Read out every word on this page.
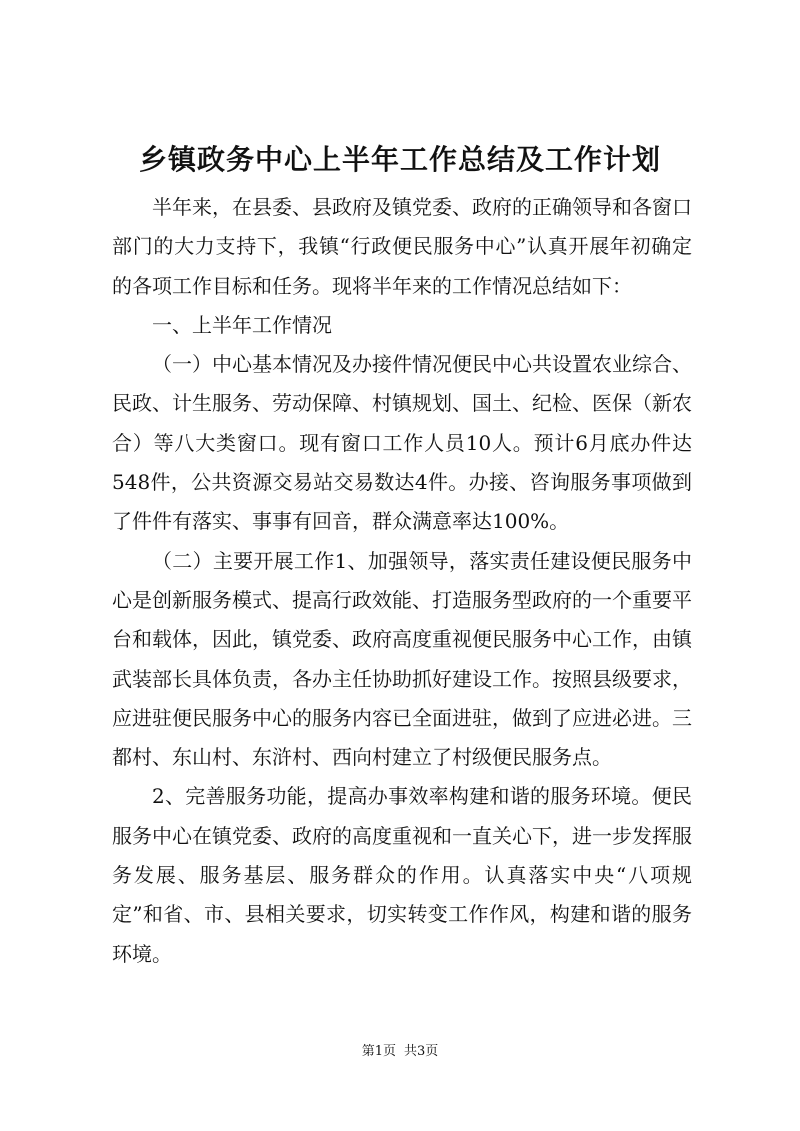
乡镇政务中心上半年工作总结及工作计划

半年来，在县委、县政府及镇党委、政府的正确领导和各窗口部门的大力支持下，我镇“行政便民服务中心”认真开展年初确定的各项工作目标和任务。现将半年来的工作情况总结如下：

一、上半年工作情况

（一）中心基本情况及办接件情况便民中心共设置农业综合、民政、计生服务、劳动保障、村镇规划、国土、纪检、医保（新农合）等八大类窗口。现有窗口工作人员10人。预计6月底办件达548件，公共资源交易站交易数达4件。办接、咨询服务事项做到了件件有落实、事事有回音，群众满意率达100%。

（二）主要开展工作1、加强领导，落实责任建设便民服务中心是创新服务模式、提高行政效能、打造服务型政府的一个重要平台和载体，因此，镇党委、政府高度重视便民服务中心工作，由镇武装部长具体负责，各办主任协助抓好建设工作。按照县级要求，应进驻便民服务中心的服务内容已全面进驻，做到了应进必进。三都村、东山村、东浒村、西向村建立了村级便民服务点。

2、完善服务功能，提高办事效率构建和谐的服务环境。便民服务中心在镇党委、政府的高度重视和一直关心下，进一步发挥服务发展、服务基层、服务群众的作用。认真落实中央“八项规定”和省、市、县相关要求，切实转变工作作风，构建和谐的服务环境。

第1页 共3页
